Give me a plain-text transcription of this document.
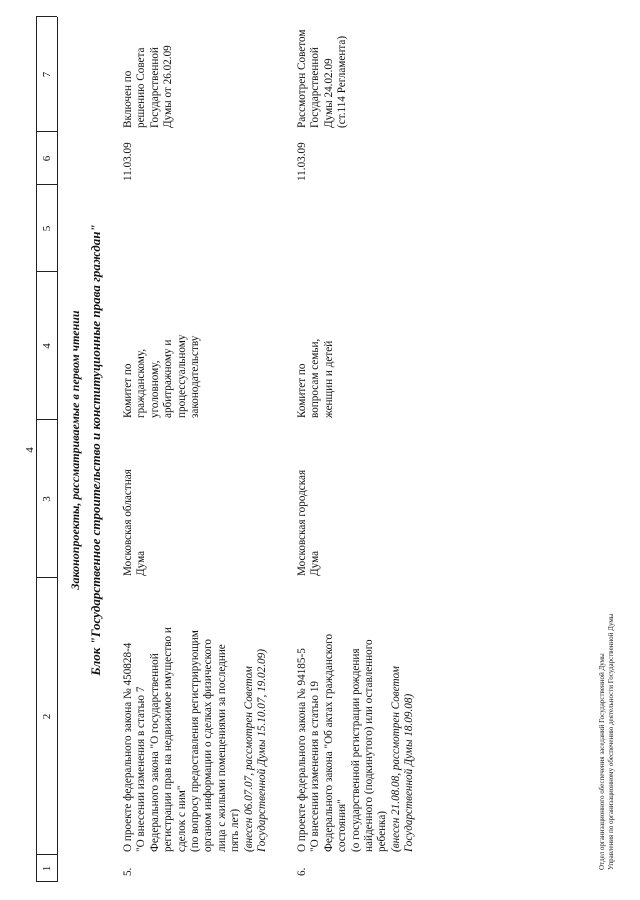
4
1
2
3
4
5
6
7
Законопроекты, рассматриваемые в первом чтении Блок "Государственное строительство и конституционные права граждан"
5.
О проекте федерального закона № 450828-4 "О внесении изменения в статью 7 Федерального закона "О государственной регистрации прав на недвижимое имущество и сделок с ним" (по вопросу предоставления регистрирующим органом информации о сделках физического лица с жилыми помещениями за последние пять лет) (внесен 06.07.07, рассмотрен Советом Государственной Думы 15.10.07, 19.02.09)
Московская областная Дума
Комитет по гражданскому, уголовному, арбитражному и процессуальному законодательству
11.03.09
Включен по решению Совета Государственной Думы от 26.02.09
6.
О проекте федерального закона № 94185-5 "О внесении изменения в статью 19 Федерального закона "Об актах гражданского состояния" (о государственной регистрации рождения найденного (подкинутого) или оставленного ребенка) (внесен 21.08.08, рассмотрен Советом Государственной Думы 18.09.08)
Московская городская Дума
Комитет по вопросам семьи, женщин и детей
11.03.09
Рассмотрен Советом Государственной Думы 24.02.09 (ст.114 Регламента)
Отдел организационного обеспечения заседаний Государственной Думы Управления по организационному обеспечению деятельности Государственной Думы
